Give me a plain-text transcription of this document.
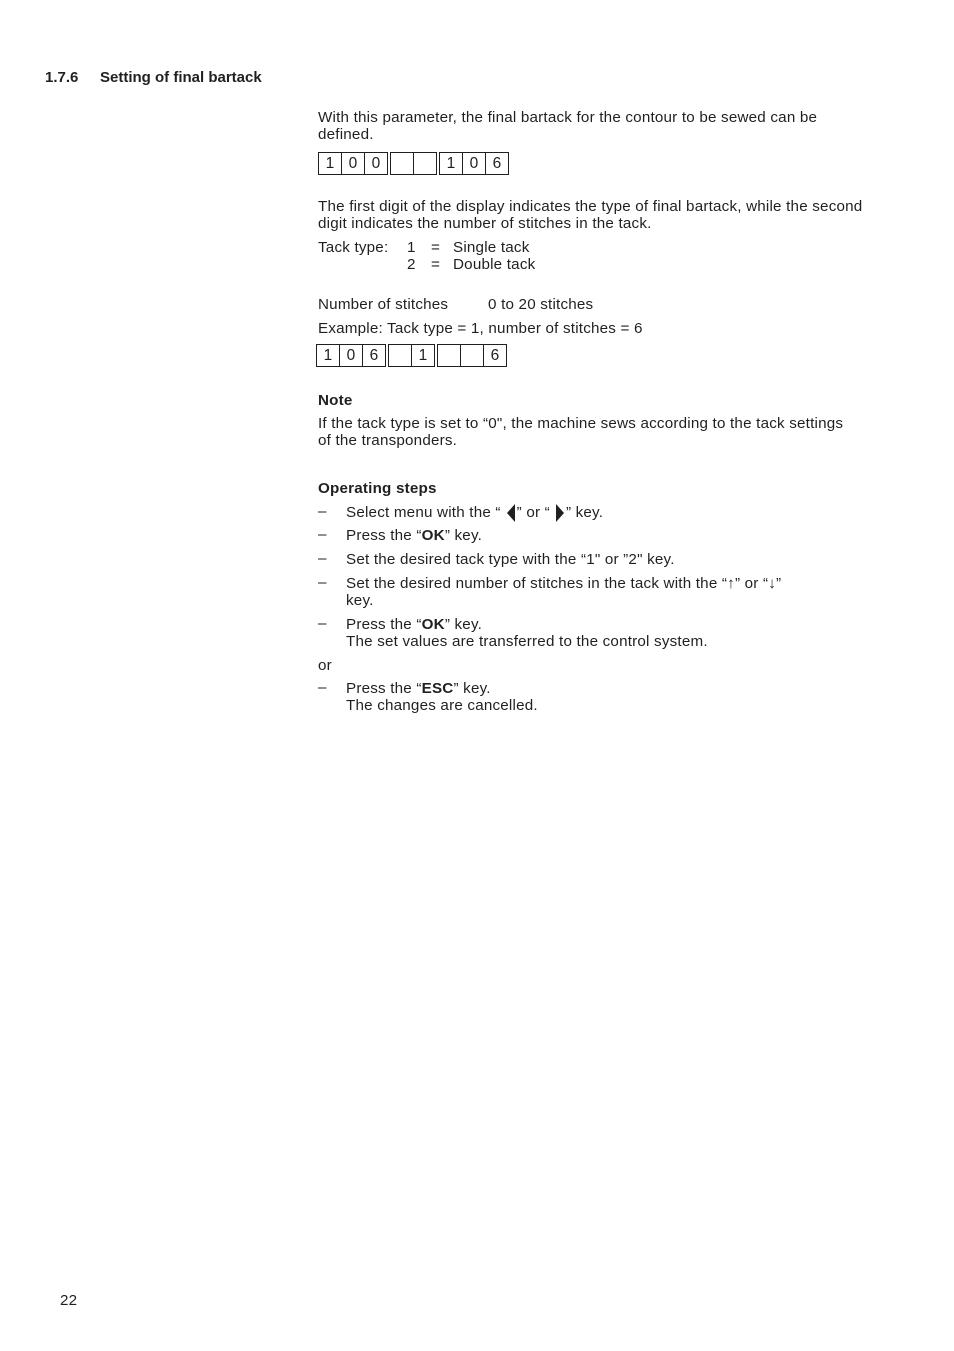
1.7.6 Setting of final bartack
With this parameter, the final bartack for the contour to be sewed can be defined.
1 0 0	1 0 6
The first digit of the display indicates the type of final bartack, while the second digit indicates the number of stitches in the tack.
Tack type: 1 = Single tack
2 = Double tack
Number of stitches	0 to 20 stitches
Example: Tack type = 1, number of stitches = 6
1 0 6	1	6
Note
If the tack type is set to “0", the machine sews according to the tack settings of the transponders.
Operating steps
– Select menu with the “ ” or “ ” key.
– Press the “OK” key.
– Set the desired tack type with the “1" or ”2" key.
– Set the desired number of stitches in the tack with the “↑” or “↓”
key.
– Press the “OK” key.
The set values are transferred to the control system.
or
– Press the “ESC” key.
The changes are cancelled.
22
